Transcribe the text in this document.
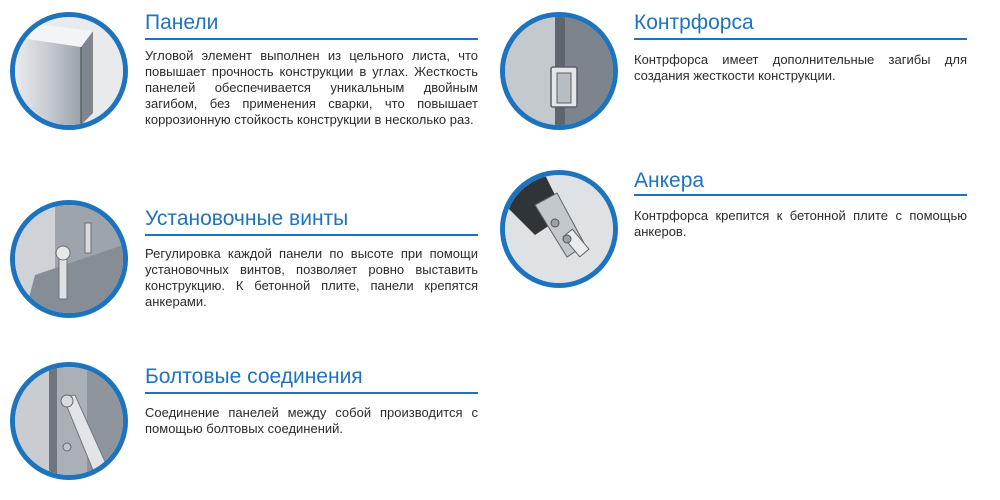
Панели

Угловой элемент выполнен из цельного листа, что повышает прочность конструкции в углах. Жесткость панелей обеспечивается уникальным двойным загибом, без применения сварки, что повышает коррозионную стойкость конструкции в несколько раз.

Установочные винты

Регулировка каждой панели по высоте при помощи установочных винтов, позволяет ровно выставить конструкцию. К бетонной плите, панели крепятся анкерами.

Болтовые соединения

Соединение панелей между собой производится с помощью болтовых соединений.

Контрфорса

Контрфорса имеет дополнительные загибы для создания жесткости конструкции.

Анкера

Контрфорса крепится к бетонной плите с помощью анкеров.
